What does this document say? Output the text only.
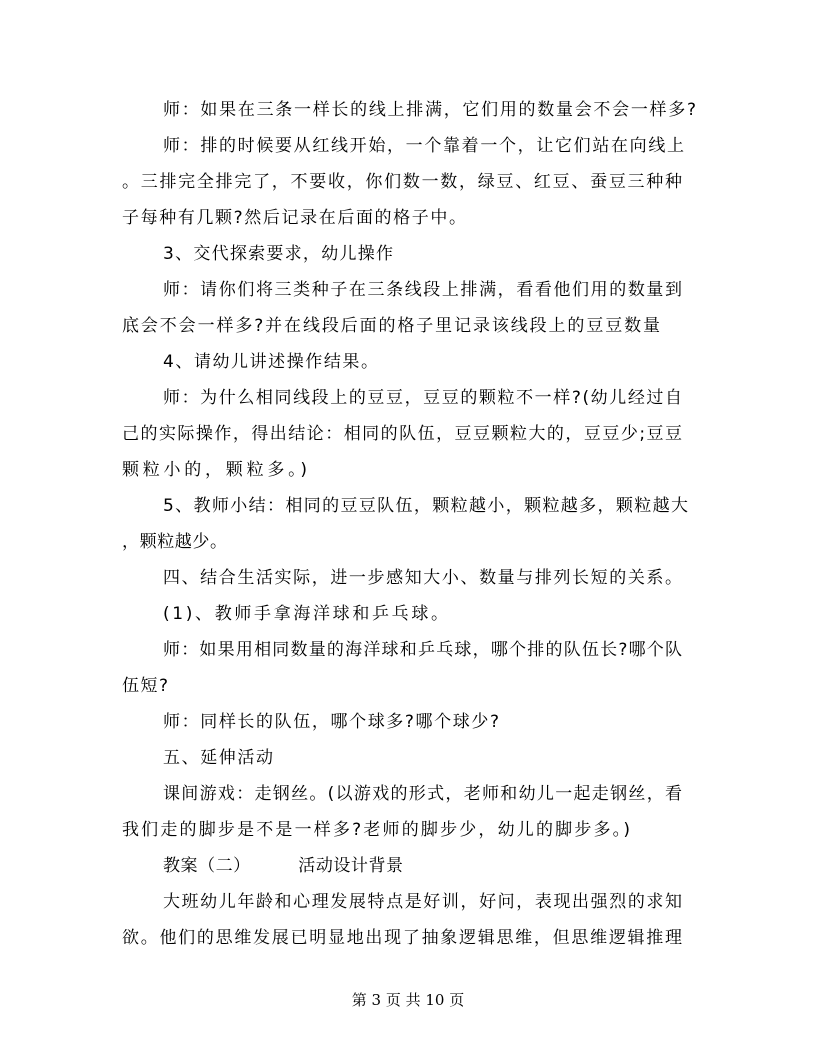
师：如果在三条一样长的线上排满，它们用的数量会不会一样多?
师：排的时候要从红线开始，一个靠着一个，让它们站在向线上
。三排完全排完了，不要收，你们数一数，绿豆、红豆、蚕豆三种种
子每种有几颗?然后记录在后面的格子中。
3、交代探索要求，幼儿操作
师：请你们将三类种子在三条线段上排满，看看他们用的数量到
底会不会一样多?并在线段后面的格子里记录该线段上的豆豆数量
4、请幼儿讲述操作结果。
师：为什么相同线段上的豆豆，豆豆的颗粒不一样?(幼儿经过自
己的实际操作，得出结论：相同的队伍，豆豆颗粒大的，豆豆少;豆豆
颗粒小的，颗粒多。)
5、教师小结：相同的豆豆队伍，颗粒越小，颗粒越多，颗粒越大
，颗粒越少。
四、结合生活实际，进一步感知大小、数量与排列长短的关系。
(1)、教师手拿海洋球和乒乓球。
师：如果用相同数量的海洋球和乒乓球，哪个排的队伍长?哪个队
伍短?
师：同样长的队伍，哪个球多?哪个球少?
五、延伸活动
课间游戏：走钢丝。(以游戏的形式，老师和幼儿一起走钢丝，看
我们走的脚步是不是一样多?老师的脚步少，幼儿的脚步多。)
教案（二）        活动设计背景
大班幼儿年龄和心理发展特点是好训，好问，表现出强烈的求知
欲。他们的思维发展已明显地出现了抽象逻辑思维，但思维逻辑推理
第 3 页 共 10 页
